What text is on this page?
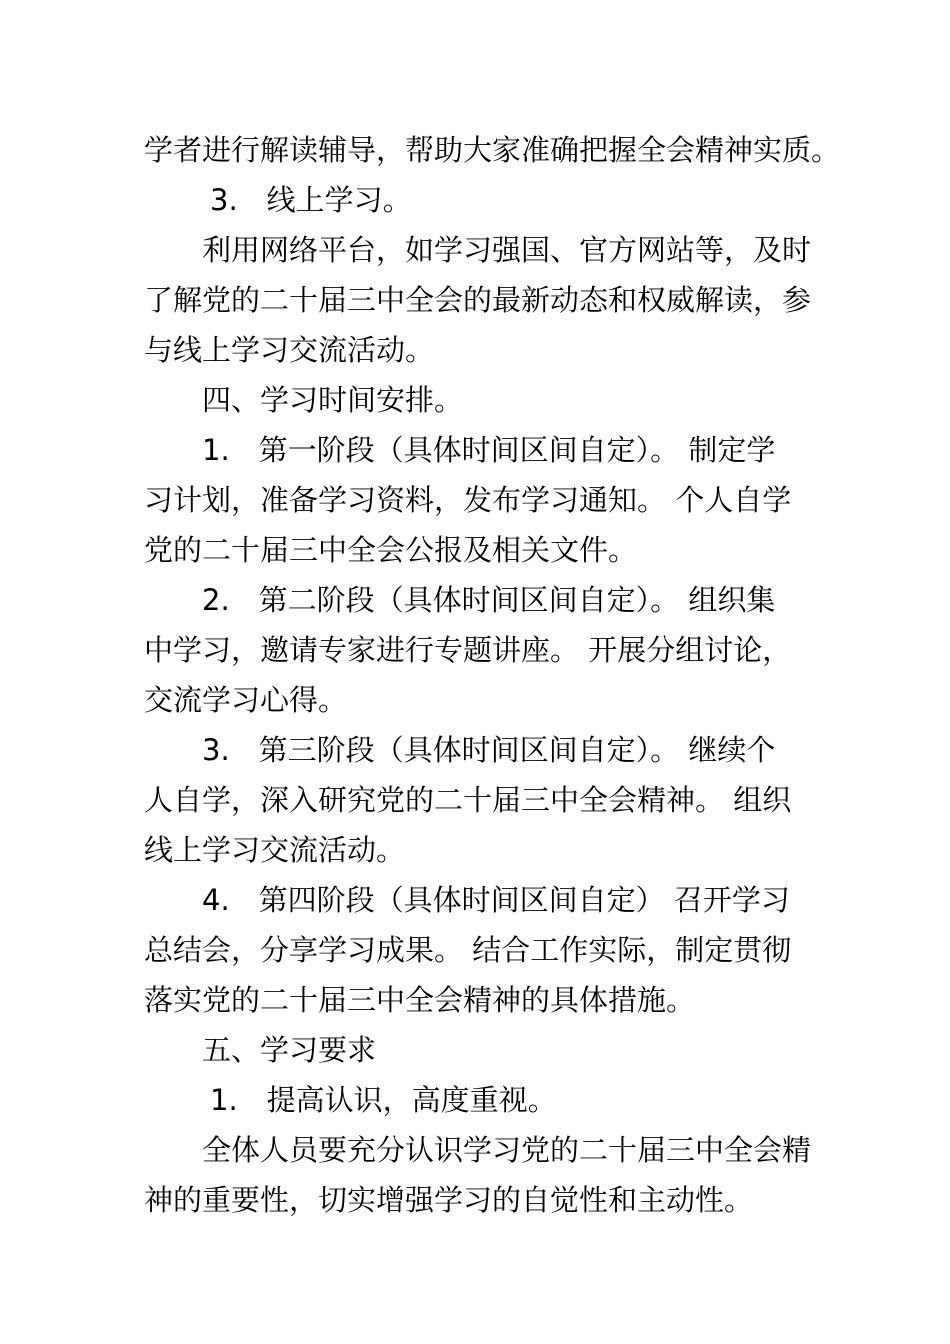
学者进行解读辅导，帮助大家准确把握全会精神实质。
3.　线上学习。
利用网络平台，如学习强国、官方网站等，及时
了解党的二十届三中全会的最新动态和权威解读，参
与线上学习交流活动。
四、学习时间安排。
1.　第一阶段（具体时间区间自定）。 制定学
习计划，准备学习资料，发布学习通知。 个人自学
党的二十届三中全会公报及相关文件。
2.　第二阶段（具体时间区间自定）。 组织集
中学习，邀请专家进行专题讲座。 开展分组讨论，
交流学习心得。
3.　第三阶段（具体时间区间自定）。 继续个
人自学，深入研究党的二十届三中全会精神。 组织
线上学习交流活动。
4.　第四阶段（具体时间区间自定） 召开学习
总结会，分享学习成果。 结合工作实际，制定贯彻
落实党的二十届三中全会精神的具体措施。
五、学习要求
1.　提高认识，高度重视。
全体人员要充分认识学习党的二十届三中全会精
神的重要性，切实增强学习的自觉性和主动性。
